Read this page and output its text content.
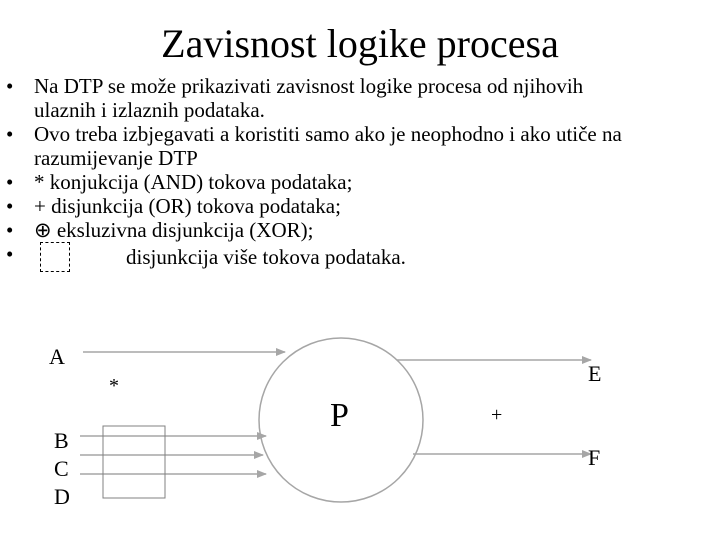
Zavisnost logike procesa
• Na DTP se može prikazivati zavisnost logike procesa od njihovih
ulaznih i izlaznih podataka.
• Ovo treba izbjegavati a koristiti samo ako je neophodno i ako utiče na
razumijevanje DTP
• * konjukcija (AND) tokova podataka;
• + disjunkcija (OR) tokova podataka;
• ⊕ eksluzivna disjunkcija (XOR);
•	disjunkcija više tokova podataka.
A
*
B
C
D
P	+
E
F
